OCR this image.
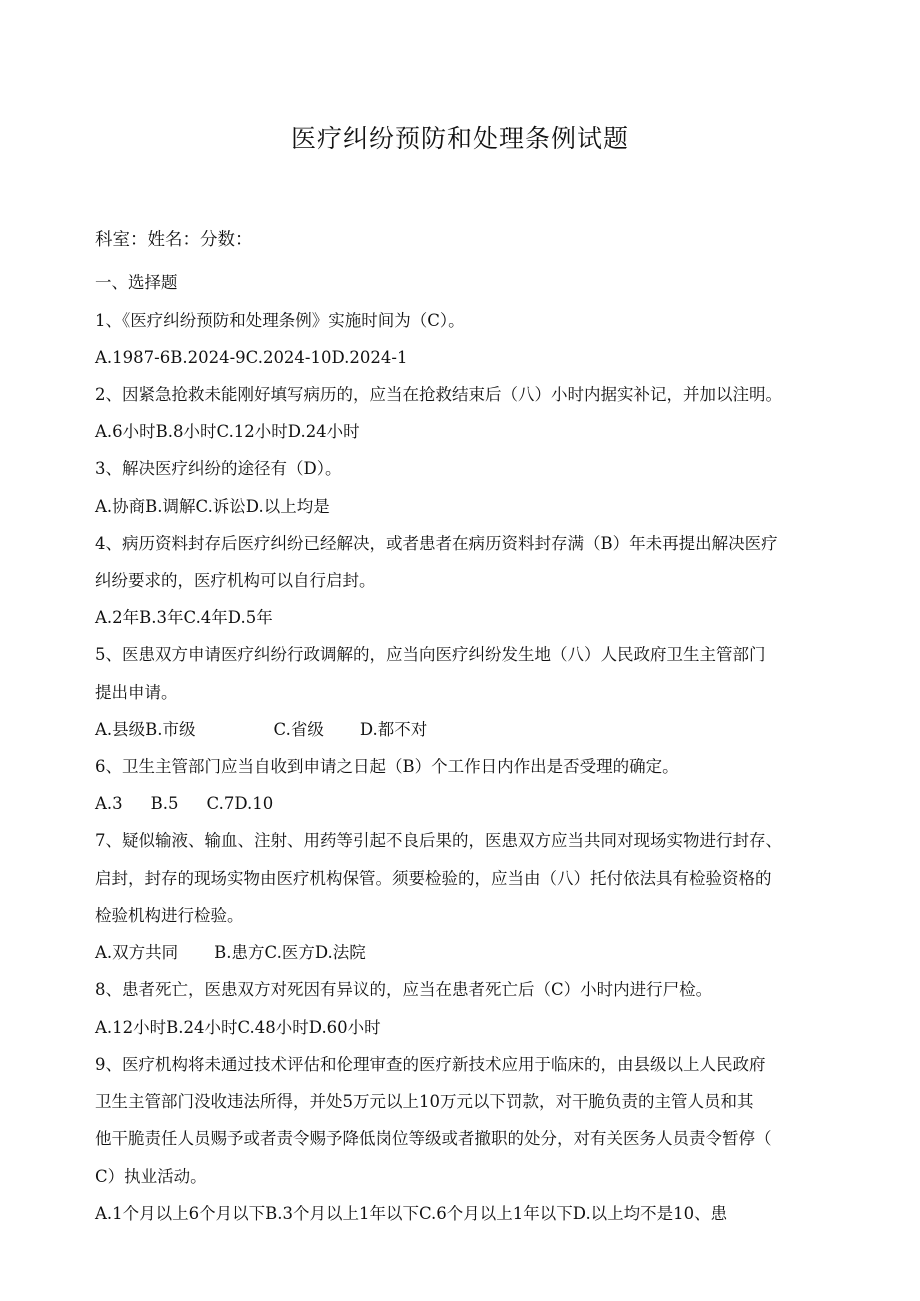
医疗纠纷预防和处理条例试题
科室：姓名：分数：
一、选择题
1、《医疗纠纷预防和处理条例》实施时间为（C）。
A.1987-6B.2024-9C.2024-10D.2024-1
2、因紧急抢救未能刚好填写病历的，应当在抢救结束后（八）小时内据实补记，并加以注明。
A.6小时B.8小时C.12小时D.24小时
3、解决医疗纠纷的途径有（D）。
A.协商B.调解C.诉讼D.以上均是
4、病历资料封存后医疗纠纷已经解决，或者患者在病历资料封存满（B）年未再提出解决医疗
纠纷要求的，医疗机构可以自行启封。
A.2年B.3年C.4年D.5年
5、医患双方申请医疗纠纷行政调解的，应当向医疗纠纷发生地（八）人民政府卫生主管部门
提出申请。
A.县级B.市级	C.省级 D.都不对
6、卫生主管部门应当自收到申请之日起（B）个工作日内作出是否受理的确定。
A.3 B.5 C.7D.10
7、疑似输液、输血、注射、用药等引起不良后果的，医患双方应当共同对现场实物进行封存、
启封，封存的现场实物由医疗机构保管。须要检验的，应当由（八）托付依法具有检验资格的
检验机构进行检验。
A.双方共同 B.患方C.医方D.法院
8、患者死亡，医患双方对死因有异议的，应当在患者死亡后（C）小时内进行尸检。
A.12小时B.24小时C.48小时D.60小时
9、医疗机构将未通过技术评估和伦理审查的医疗新技术应用于临床的，由县级以上人民政府
卫生主管部门没收违法所得，并处5万元以上10万元以下罚款，对干脆负责的主管人员和其
他干脆责任人员赐予或者责令赐予降低岗位等级或者撤职的处分，对有关医务人员责令暂停（
C）执业活动。
A.1个月以上6个月以下B.3个月以上1年以下C.6个月以上1年以下D.以上均不是10、患
